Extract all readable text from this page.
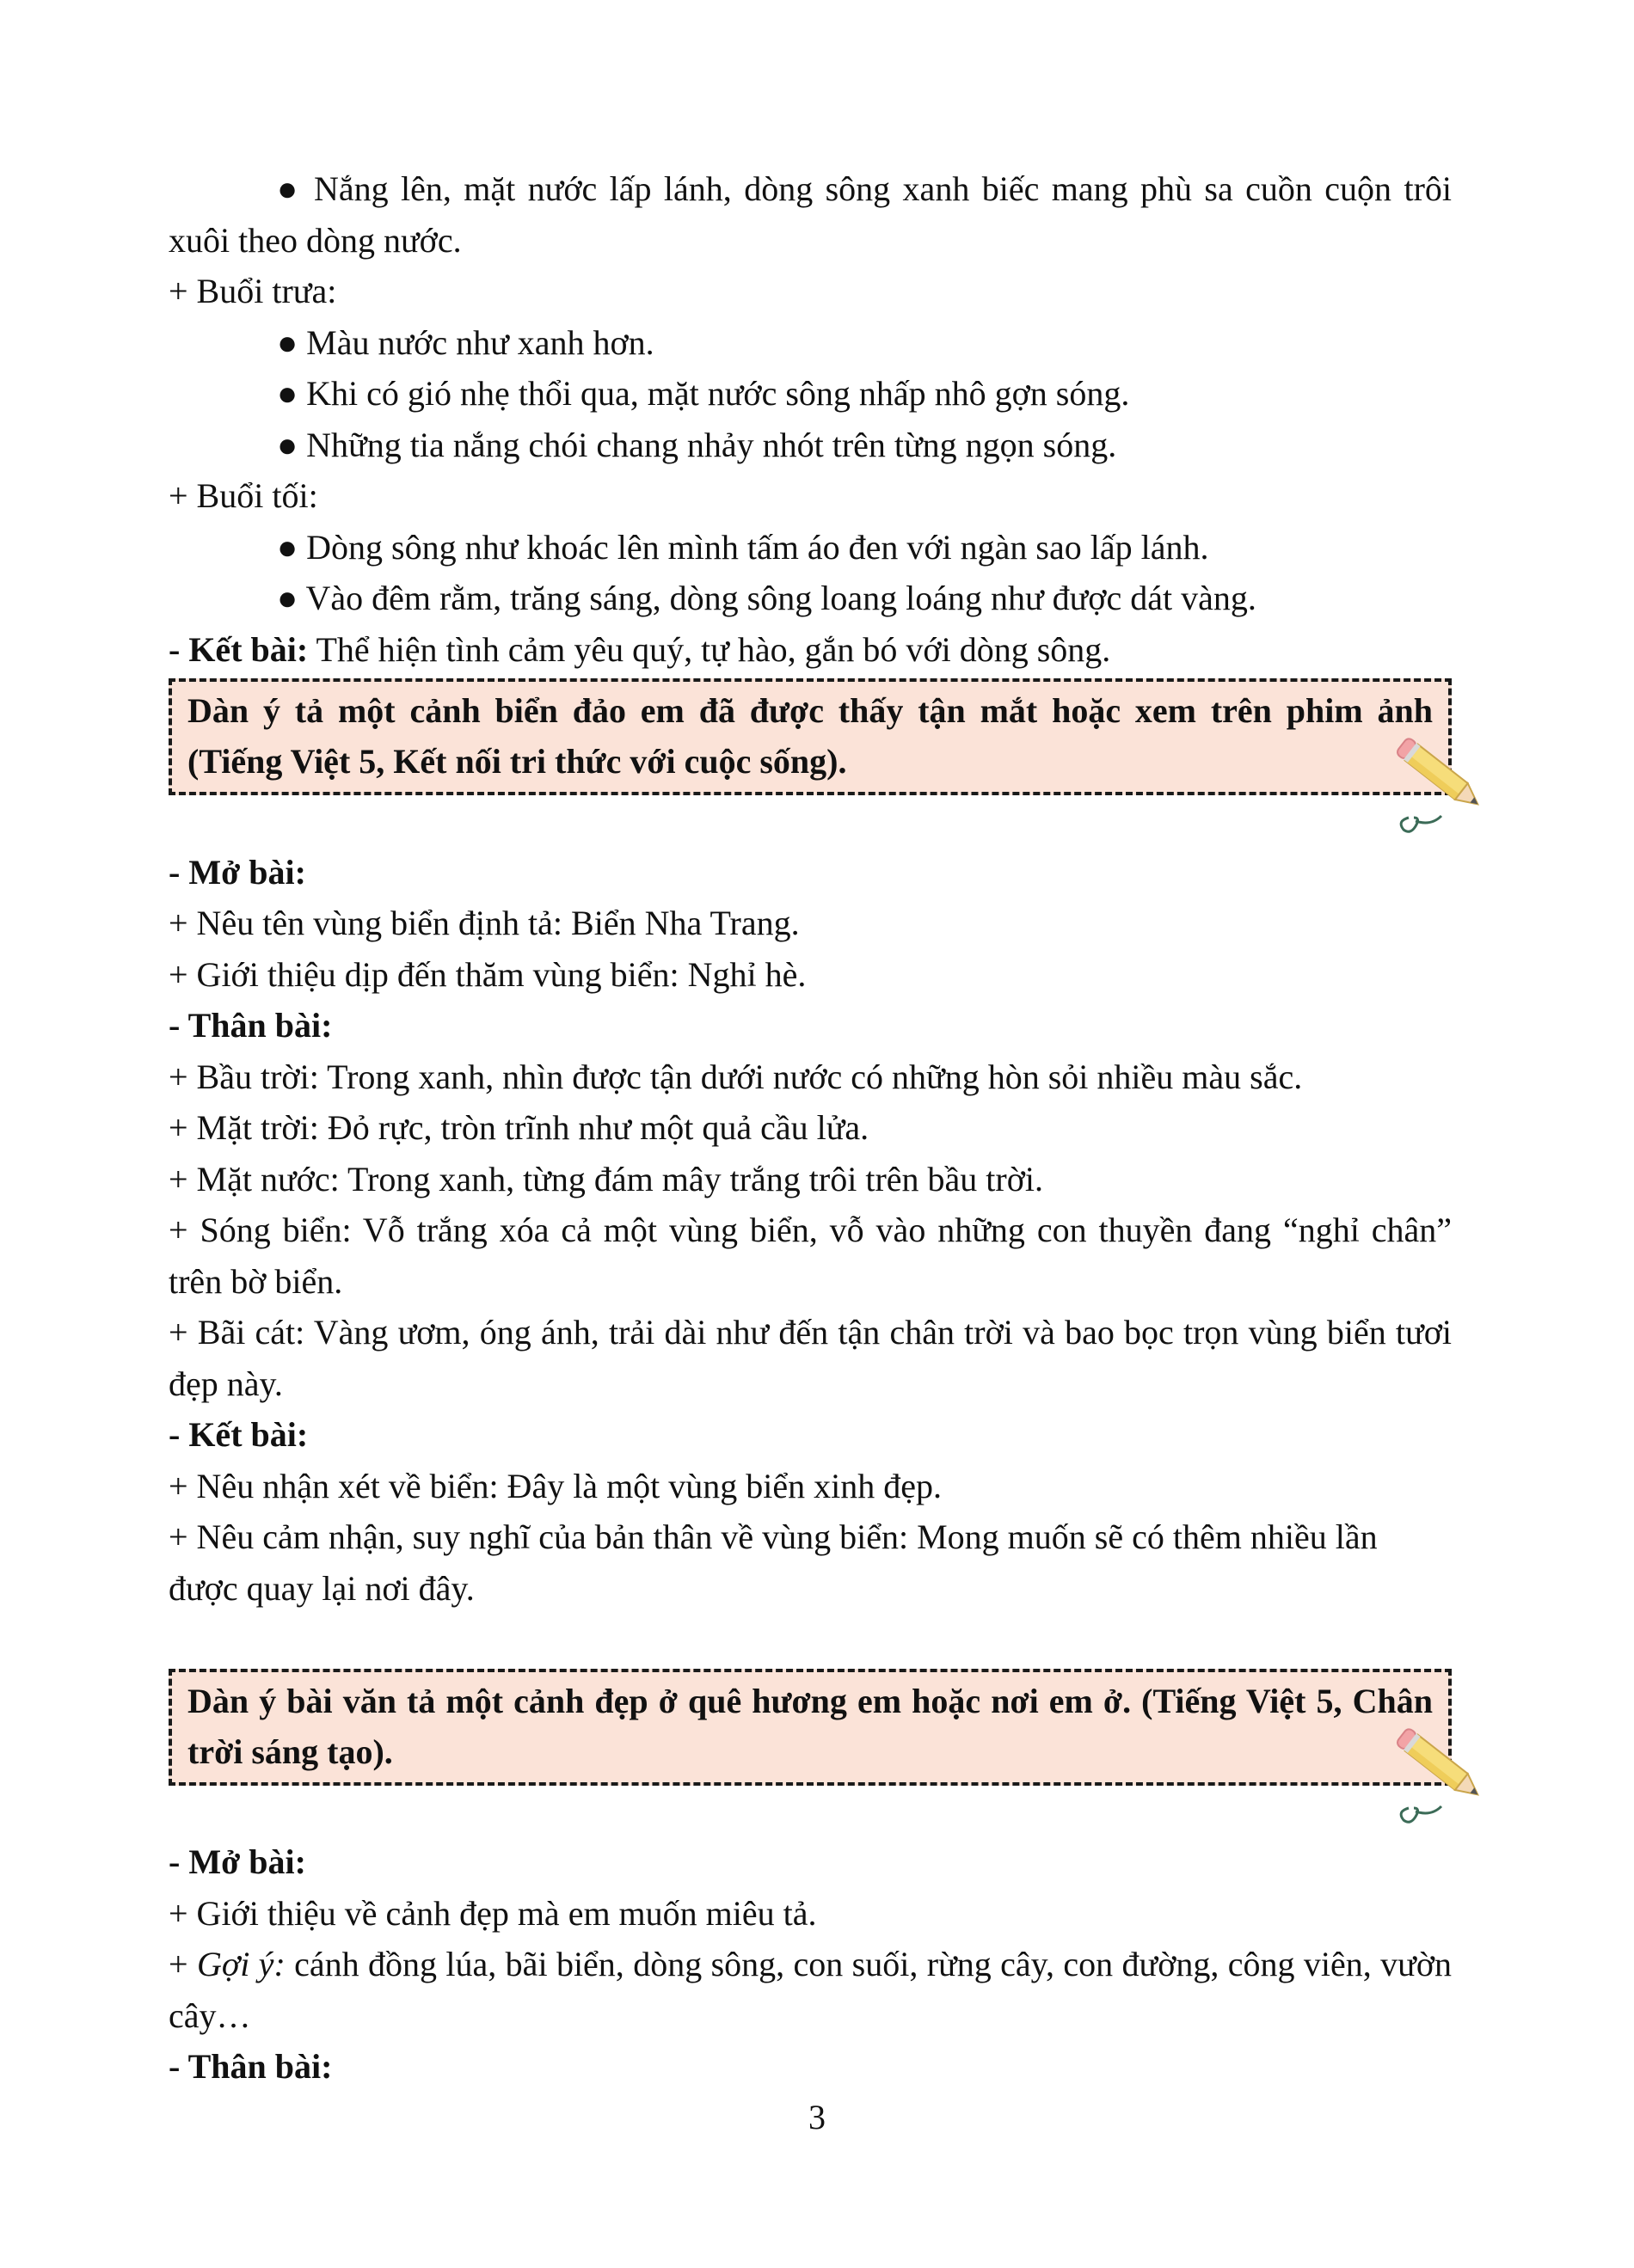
● Nắng lên, mặt nước lấp lánh, dòng sông xanh biếc mang phù sa cuồn cuộn trôi xuôi theo dòng nước.

+ Buổi trưa:

● Màu nước như xanh hơn.

● Khi có gió nhẹ thổi qua, mặt nước sông nhấp nhô gợn sóng.

● Những tia nắng chói chang nhảy nhót trên từng ngọn sóng.

+ Buổi tối:

● Dòng sông như khoác lên mình tấm áo đen với ngàn sao lấp lánh.

● Vào đêm rằm, trăng sáng, dòng sông loang loáng như được dát vàng.

- Kết bài: Thể hiện tình cảm yêu quý, tự hào, gắn bó với dòng sông.

Dàn ý tả một cảnh biển đảo em đã được thấy tận mắt hoặc xem trên phim ảnh (Tiếng Việt 5, Kết nối tri thức với cuộc sống).

- Mở bài:

+ Nêu tên vùng biển định tả: Biển Nha Trang.

+ Giới thiệu dịp đến thăm vùng biển: Nghỉ hè.

- Thân bài:

+ Bầu trời: Trong xanh, nhìn được tận dưới nước có những hòn sỏi nhiều màu sắc.

+ Mặt trời: Đỏ rực, tròn trĩnh như một quả cầu lửa.

+ Mặt nước: Trong xanh, từng đám mây trắng trôi trên bầu trời.

+ Sóng biển: Vỗ trắng xóa cả một vùng biển, vỗ vào những con thuyền đang “nghỉ chân” trên bờ biển.

+ Bãi cát: Vàng ươm, óng ánh, trải dài như đến tận chân trời và bao bọc trọn vùng biển tươi đẹp này.

- Kết bài:

+ Nêu nhận xét về biển: Đây là một vùng biển xinh đẹp.

+ Nêu cảm nhận, suy nghĩ của bản thân về vùng biển: Mong muốn sẽ có thêm nhiều lần được quay lại nơi đây.

Dàn ý bài văn tả một cảnh đẹp ở quê hương em hoặc nơi em ở. (Tiếng Việt 5, Chân trời sáng tạo).

- Mở bài:

+ Giới thiệu về cảnh đẹp mà em muốn miêu tả.

+ Gợi ý: cánh đồng lúa, bãi biển, dòng sông, con suối, rừng cây, con đường, công viên, vườn cây…

- Thân bài:

3
